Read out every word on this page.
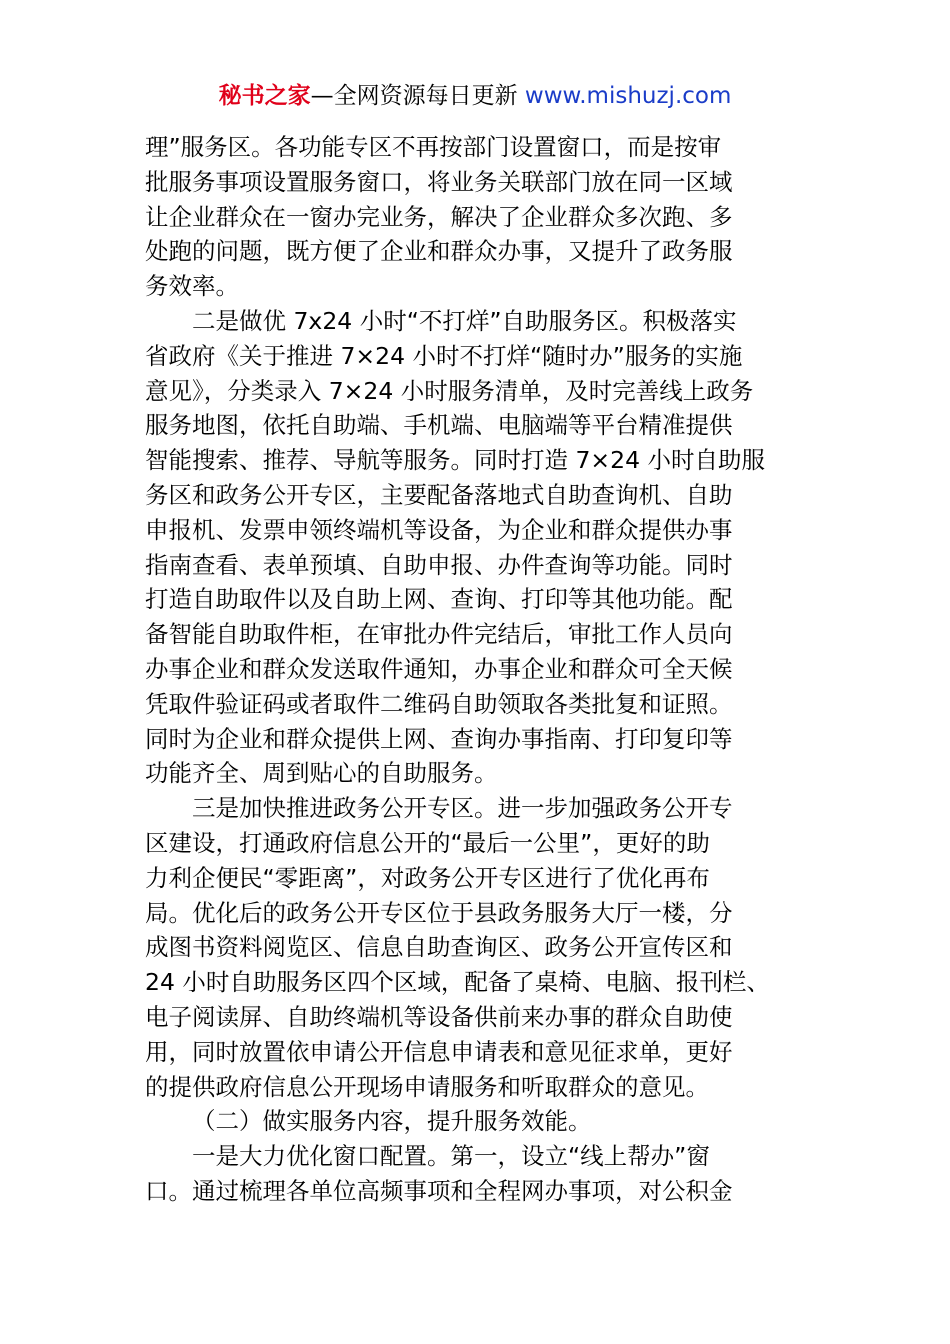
秘书之家—全网资源每日更新 www.mishuzj.com
理”服务区。各功能专区不再按部门设置窗口，而是按审
批服务事项设置服务窗口，将业务关联部门放在同一区域
让企业群众在一窗办完业务，解决了企业群众多次跑、多
处跑的问题，既方便了企业和群众办事，又提升了政务服
务效率。
二是做优 7x24 小时“不打烊”自助服务区。积极落实
省政府《关于推进 7×24 小时不打烊“随时办”服务的实施
意见》，分类录入 7×24 小时服务清单，及时完善线上政务
服务地图，依托自助端、手机端、电脑端等平台精准提供
智能搜索、推荐、导航等服务。同时打造 7×24 小时自助服
务区和政务公开专区，主要配备落地式自助查询机、自助
申报机、发票申领终端机等设备，为企业和群众提供办事
指南查看、表单预填、自助申报、办件查询等功能。同时
打造自助取件以及自助上网、查询、打印等其他功能。配
备智能自助取件柜，在审批办件完结后，审批工作人员向
办事企业和群众发送取件通知，办事企业和群众可全天候
凭取件验证码或者取件二维码自助领取各类批复和证照。
同时为企业和群众提供上网、查询办事指南、打印复印等
功能齐全、周到贴心的自助服务。
三是加快推进政务公开专区。进一步加强政务公开专
区建设，打通政府信息公开的“最后一公里”，更好的助
力利企便民“零距离”，对政务公开专区进行了优化再布
局。优化后的政务公开专区位于县政务服务大厅一楼，分
成图书资料阅览区、信息自助查询区、政务公开宣传区和
24 小时自助服务区四个区域，配备了桌椅、电脑、报刊栏、
电子阅读屏、自助终端机等设备供前来办事的群众自助使
用，同时放置依申请公开信息申请表和意见征求单，更好
的提供政府信息公开现场申请服务和听取群众的意见。
（二）做实服务内容，提升服务效能。
一是大力优化窗口配置。第一，设立“线上帮办”窗
口。通过梳理各单位高频事项和全程网办事项，对公积金
